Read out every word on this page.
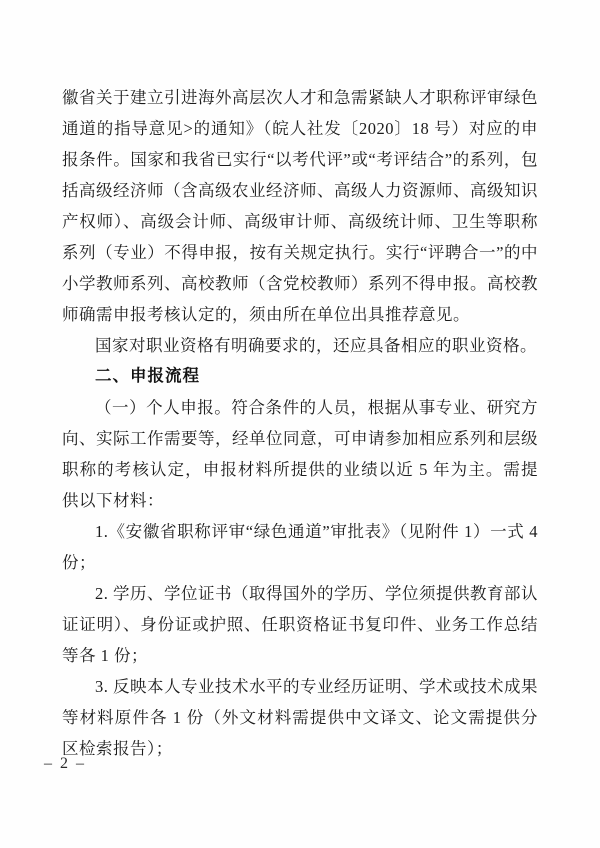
徽省关于建立引进海外高层次人才和急需紧缺人才职称评审绿色通道的指导意见>的通知》（皖人社发〔2020〕18 号）对应的申报条件。国家和我省已实行“以考代评”或“考评结合”的系列，包括高级经济师（含高级农业经济师、高级人力资源师、高级知识产权师）、高级会计师、高级审计师、高级统计师、卫生等职称系列（专业）不得申报，按有关规定执行。实行“评聘合一”的中小学教师系列、高校教师（含党校教师）系列不得申报。高校教师确需申报考核认定的，须由所在单位出具推荐意见。

国家对职业资格有明确要求的，还应具备相应的职业资格。

二、申报流程

（一）个人申报。符合条件的人员，根据从事专业、研究方向、实际工作需要等，经单位同意，可申请参加相应系列和层级职称的考核认定，申报材料所提供的业绩以近 5 年为主。需提供以下材料：

1.《安徽省职称评审“绿色通道”审批表》（见附件 1）一式 4 份；

2. 学历、学位证书（取得国外的学历、学位须提供教育部认证证明）、身份证或护照、任职资格证书复印件、业务工作总结等各 1 份；

3. 反映本人专业技术水平的专业经历证明、学术或技术成果等材料原件各 1 份（外文材料需提供中文译文、论文需提供分区检索报告）；

– 2 –
